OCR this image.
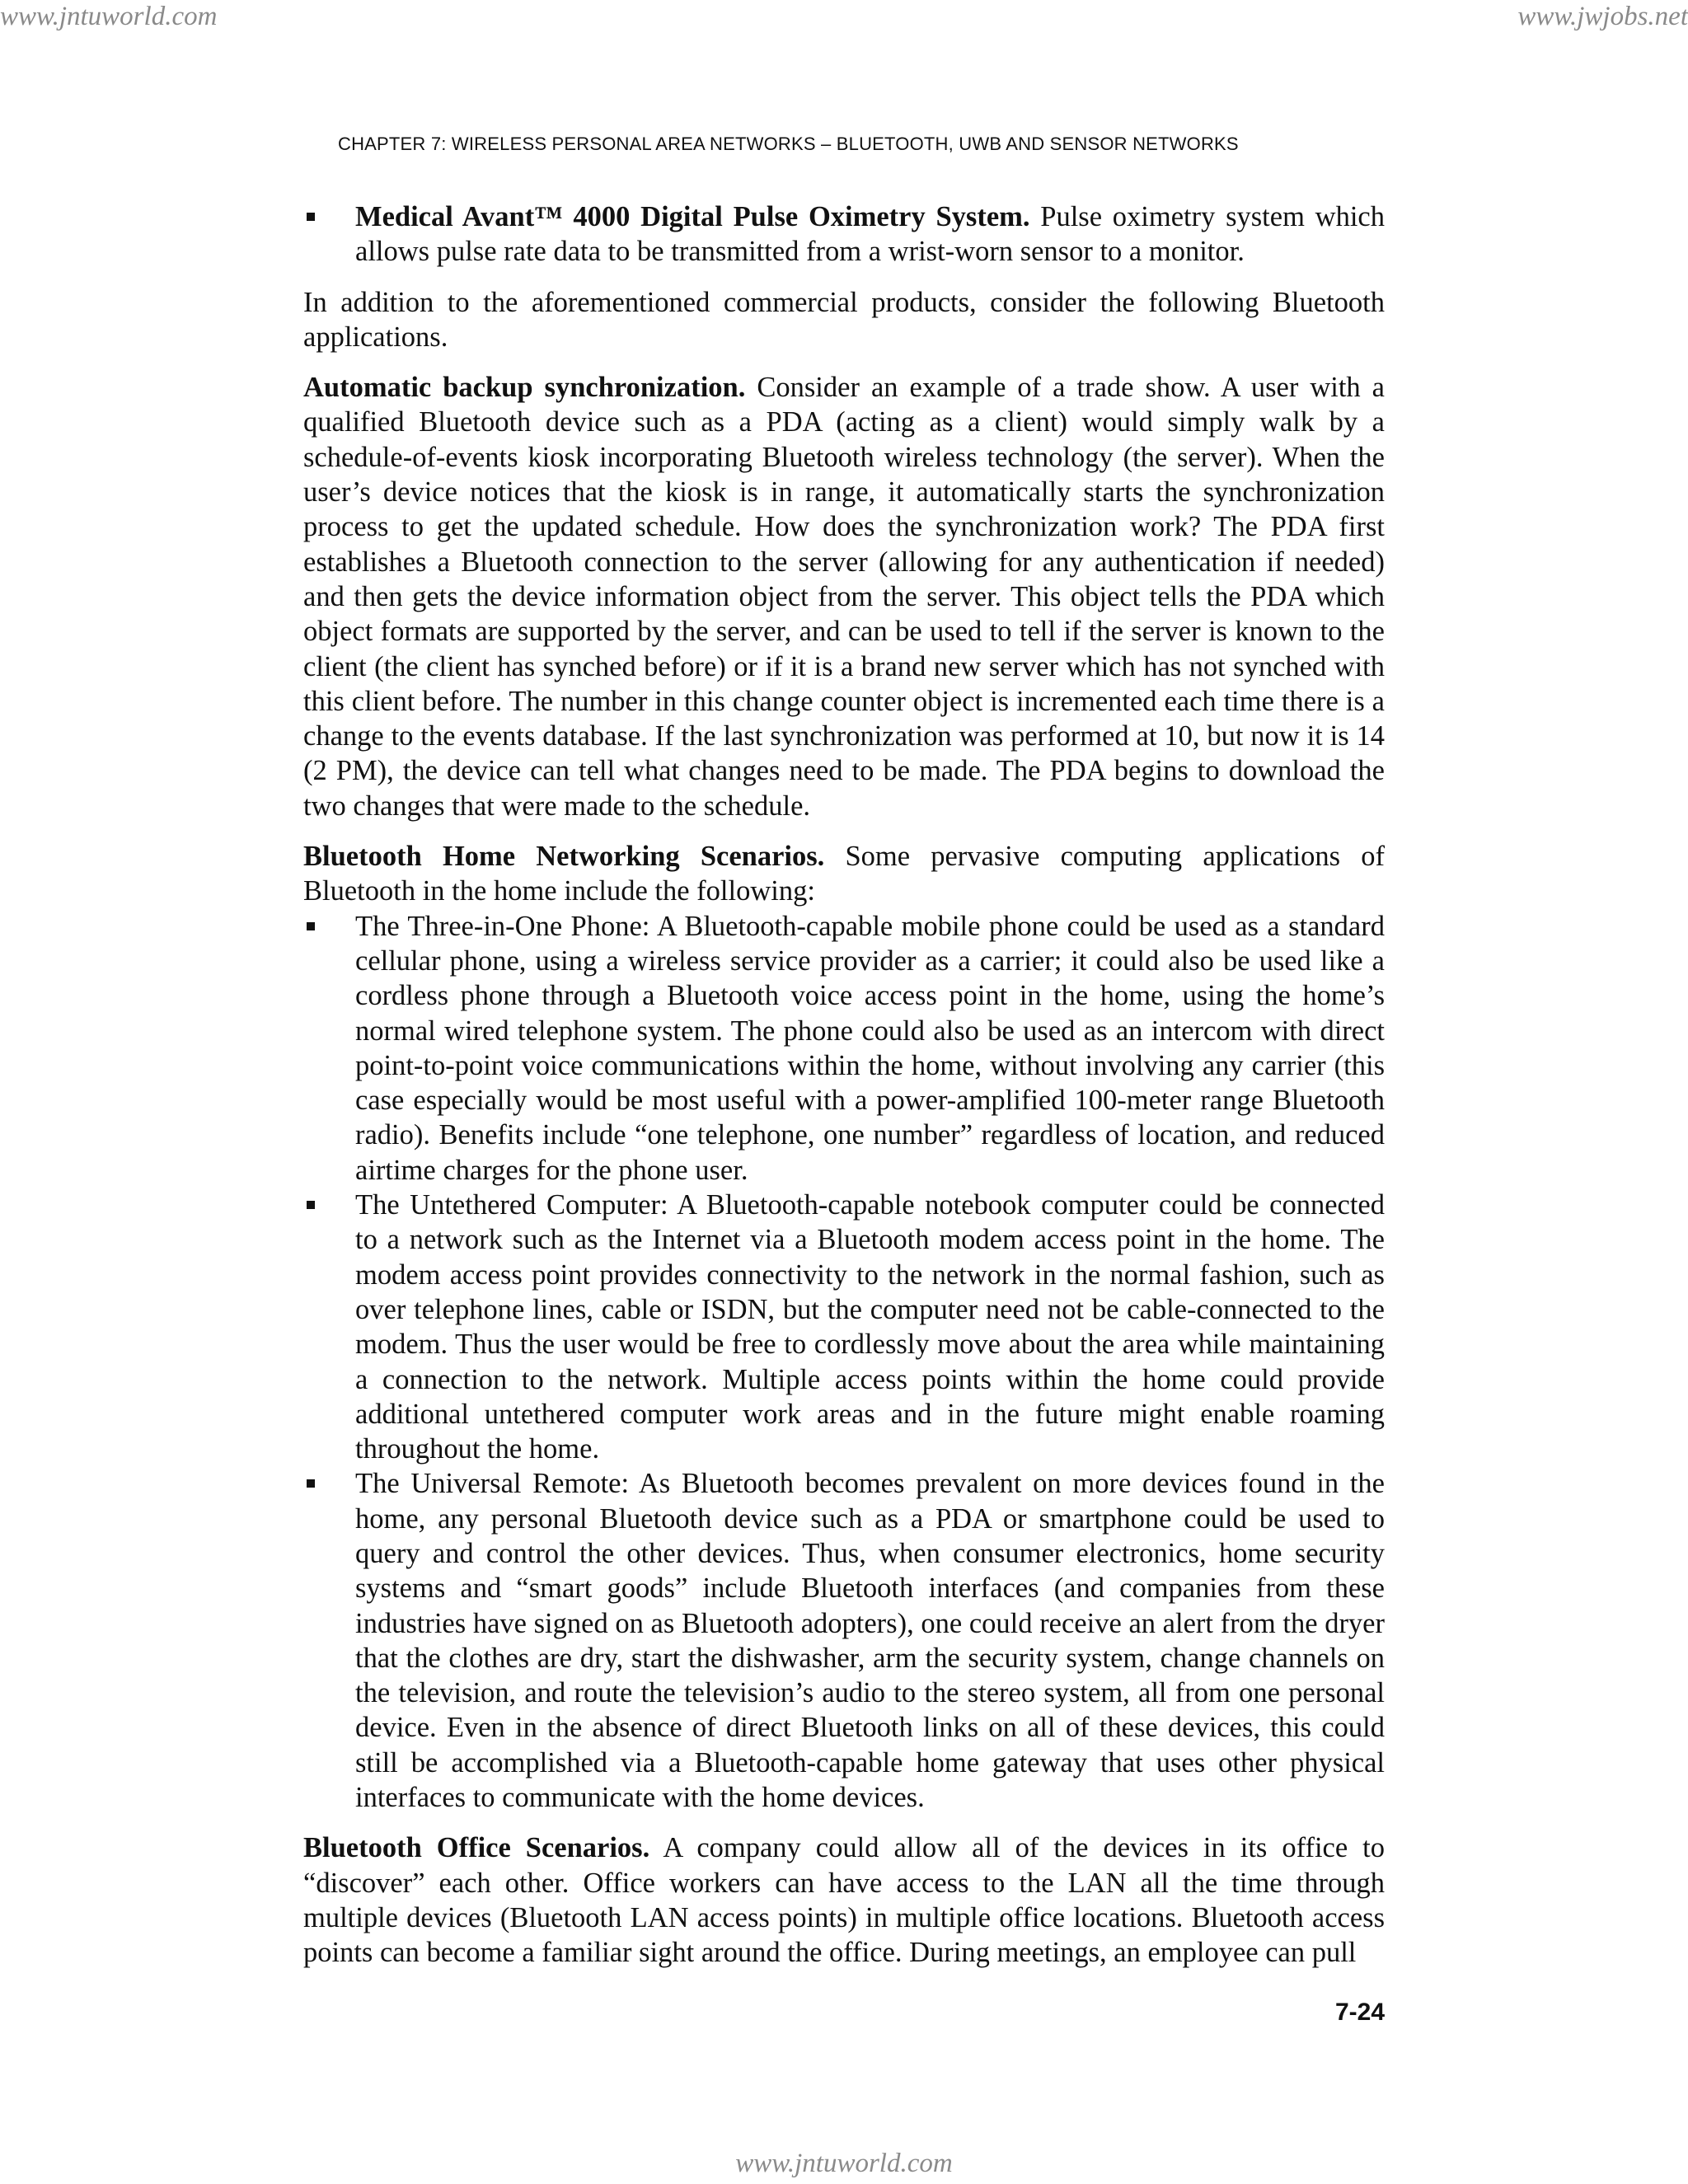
www.jntuworld.com	www.jwjobs.net
CHAPTER 7: WIRELESS PERSONAL AREA NETWORKS – BLUETOOTH, UWB AND SENSOR NETWORKS
Medical Avant™ 4000 Digital Pulse Oximetry System. Pulse oximetry system which allows pulse rate data to be transmitted from a wrist-worn sensor to a monitor.

In addition to the aforementioned commercial products, consider the following Bluetooth applications.

Automatic backup synchronization. Consider an example of a trade show. A user with a qualified Bluetooth device such as a PDA (acting as a client) would simply walk by a schedule-of-events kiosk incorporating Bluetooth wireless technology (the server). When the user’s device notices that the kiosk is in range, it automatically starts the synchronization process to get the updated schedule. How does the synchronization work? The PDA first establishes a Bluetooth connection to the server (allowing for any authentication if needed) and then gets the device information object from the server. This object tells the PDA which object formats are supported by the server, and can be used to tell if the server is known to the client (the client has synched before) or if it is a brand new server which has not synched with this client before. The number in this change counter object is incremented each time there is a change to the events database. If the last synchronization was performed at 10, but now it is 14 (2 PM), the device can tell what changes need to be made. The PDA begins to download the two changes that were made to the schedule.

Bluetooth Home Networking Scenarios. Some pervasive computing applications of Bluetooth in the home include the following:

The Three-in-One Phone: A Bluetooth-capable mobile phone could be used as a standard cellular phone, using a wireless service provider as a carrier; it could also be used like a cordless phone through a Bluetooth voice access point in the home, using the home’s normal wired telephone system. The phone could also be used as an intercom with direct point-to-point voice communications within the home, without involving any carrier (this case especially would be most useful with a power-amplified 100-meter range Bluetooth radio). Benefits include “one telephone, one number” regardless of location, and reduced airtime charges for the phone user.
The Untethered Computer: A Bluetooth-capable notebook computer could be connected to a network such as the Internet via a Bluetooth modem access point in the home. The modem access point provides connectivity to the network in the normal fashion, such as over telephone lines, cable or ISDN, but the computer need not be cable-connected to the modem. Thus the user would be free to cordlessly move about the area while maintaining a connection to the network. Multiple access points within the home could provide additional untethered computer work areas and in the future might enable roaming throughout the home.
The Universal Remote: As Bluetooth becomes prevalent on more devices found in the home, any personal Bluetooth device such as a PDA or smartphone could be used to query and control the other devices. Thus, when consumer electronics, home security systems and “smart goods” include Bluetooth interfaces (and companies from these industries have signed on as Bluetooth adopters), one could receive an alert from the dryer that the clothes are dry, start the dishwasher, arm the security system, change channels on the television, and route the television’s audio to the stereo system, all from one personal device. Even in the absence of direct Bluetooth links on all of these devices, this could still be accomplished via a Bluetooth-capable home gateway that uses other physical interfaces to communicate with the home devices.

Bluetooth Office Scenarios. A company could allow all of the devices in its office to “discover” each other. Office workers can have access to the LAN all the time through multiple devices (Bluetooth LAN access points) in multiple office locations. Bluetooth access points can become a familiar sight around the office. During meetings, an employee can pull

7-24
www.jntuworld.com
